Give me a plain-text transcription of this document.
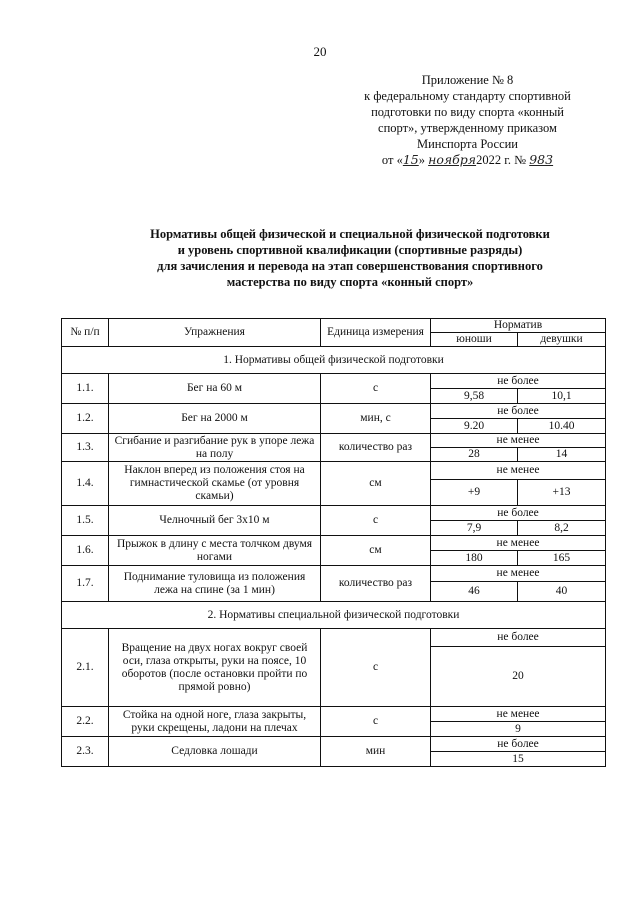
20
Приложение № 8
к федеральному стандарту спортивной
подготовки по виду спорта «конный
спорт», утвержденному приказом
Минспорта России
от «15» ноября2022 г. № 983
Нормативы общей физической и специальной физической подготовки
и уровень спортивной квалификации (спортивные разряды)
для зачисления и перевода на этап совершенствования спортивного
мастерства по виду спорта «конный спорт»
№ п/п	Упражнения	Единица измерения	Норматив	
			юноши	девушки
1. Нормативы общей физической подготовки				
1.1.	Бег на 60 м	с	не более	
			9,58	10,1
1.2.	Бег на 2000 м	мин, с	не более	
			9.20	10.40
1.3.	Сгибание и разгибание рук в упоре лежа на полу	количество раз	не менее	
			28	14
1.4.	Наклон вперед из положения стоя на гимнастической скамье (от уровня скамьи)	см	не менее	
			+9	+13
1.5.	Челночный бег 3х10 м	с	не более	
			7,9	8,2
1.6.	Прыжок в длину с места толчком двумя ногами	см	не менее	
			180	165
1.7.	Поднимание туловища из положения лежа на спине (за 1 мин)	количество раз	не менее	
			46	40
2. Нормативы специальной физической подготовки				
2.1.	Вращение на двух ногах вокруг своей оси, глаза открыты, руки на поясе, 10 оборотов (после остановки пройти по прямой ровно)	с	не более	
			20	
2.2.	Стойка на одной ноге, глаза закрыты, руки скрещены, ладони на плечах	с	не менее	
			9	
2.3.	Седловка лошади	мин	не более	
			15	
